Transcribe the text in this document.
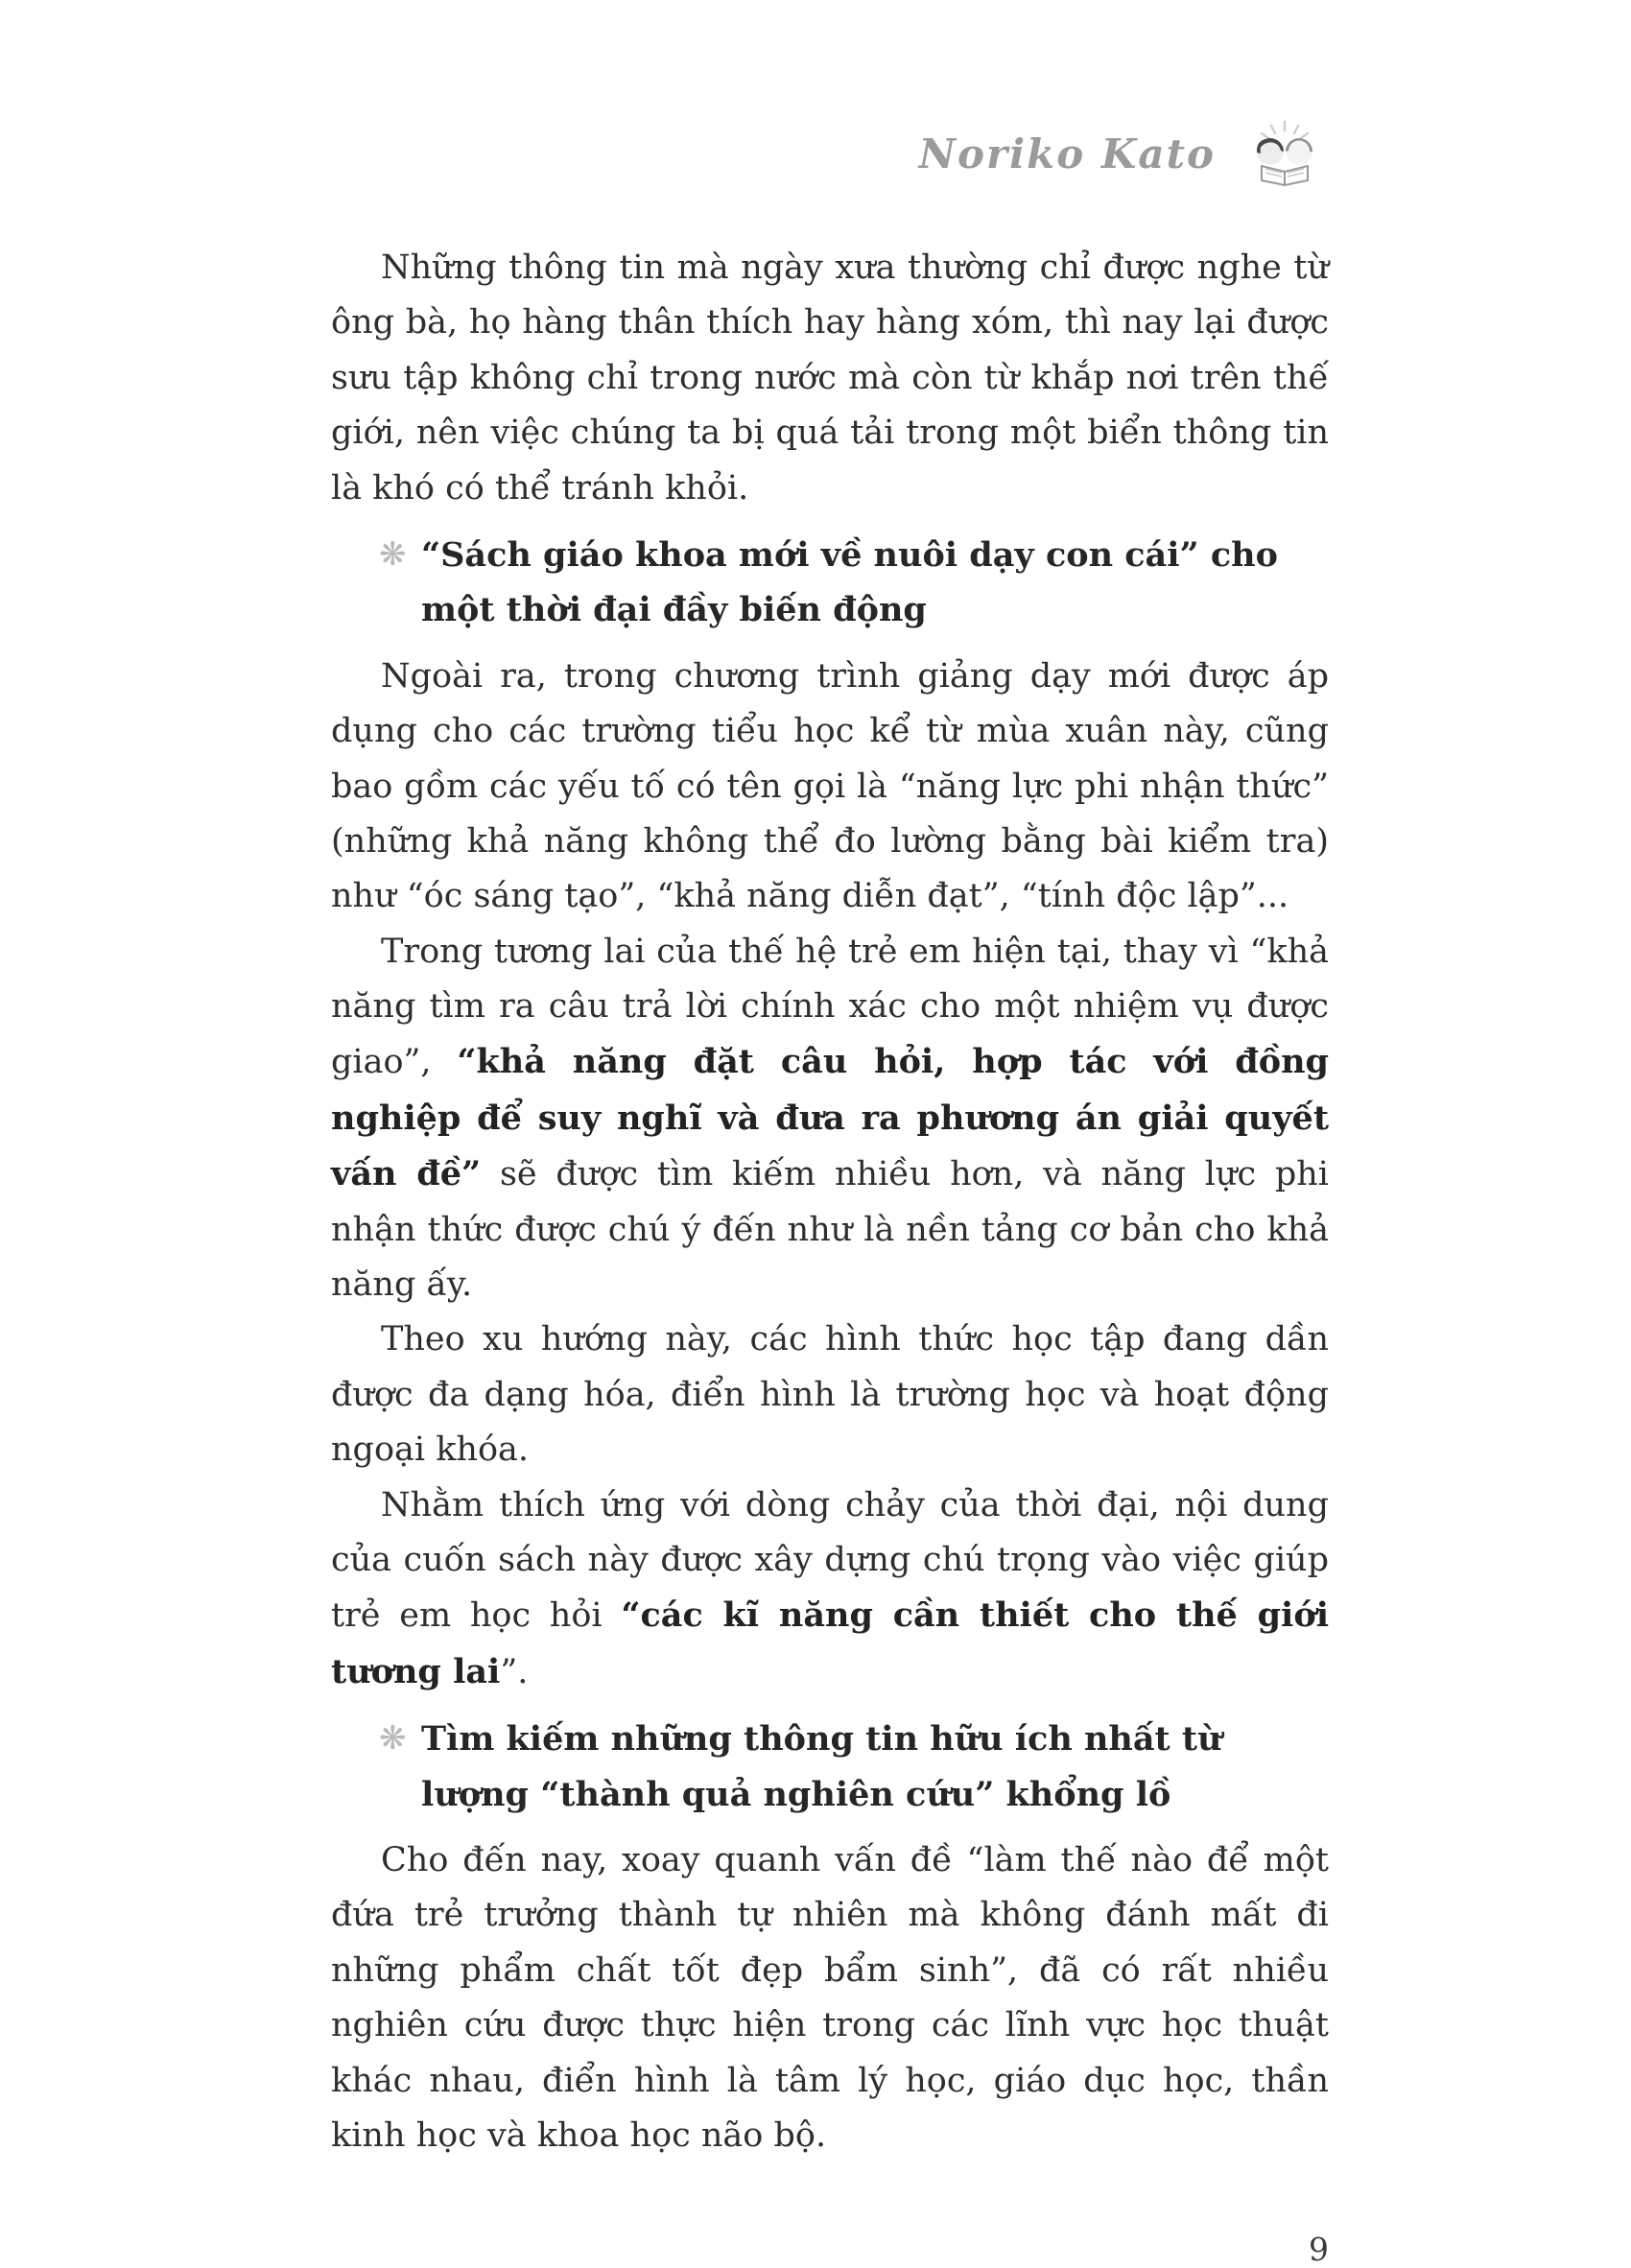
Noriko Kato

Những thông tin mà ngày xưa thường chỉ được nghe từ ông bà, họ hàng thân thích hay hàng xóm, thì nay lại được sưu tập không chỉ trong nước mà còn từ khắp nơi trên thế giới, nên việc chúng ta bị quá tải trong một biển thông tin là khó có thể tránh khỏi.

❋ “Sách giáo khoa mới về nuôi dạy con cái” cho một thời đại đầy biến động

Ngoài ra, trong chương trình giảng dạy mới được áp dụng cho các trường tiểu học kể từ mùa xuân này, cũng bao gồm các yếu tố có tên gọi là “năng lực phi nhận thức” (những khả năng không thể đo lường bằng bài kiểm tra) như “óc sáng tạo”, “khả năng diễn đạt”, “tính độc lập”...

Trong tương lai của thế hệ trẻ em hiện tại, thay vì “khả năng tìm ra câu trả lời chính xác cho một nhiệm vụ được giao”, “khả năng đặt câu hỏi, hợp tác với đồng nghiệp để suy nghĩ và đưa ra phương án giải quyết vấn đề” sẽ được tìm kiếm nhiều hơn, và năng lực phi nhận thức được chú ý đến như là nền tảng cơ bản cho khả năng ấy.

Theo xu hướng này, các hình thức học tập đang dần được đa dạng hóa, điển hình là trường học và hoạt động ngoại khóa.

Nhằm thích ứng với dòng chảy của thời đại, nội dung của cuốn sách này được xây dựng chú trọng vào việc giúp trẻ em học hỏi “các kĩ năng cần thiết cho thế giới tương lai”.

❋ Tìm kiếm những thông tin hữu ích nhất từ lượng “thành quả nghiên cứu” khổng lồ

Cho đến nay, xoay quanh vấn đề “làm thế nào để một đứa trẻ trưởng thành tự nhiên mà không đánh mất đi những phẩm chất tốt đẹp bẩm sinh”, đã có rất nhiều nghiên cứu được thực hiện trong các lĩnh vực học thuật khác nhau, điển hình là tâm lý học, giáo dục học, thần kinh học và khoa học não bộ.

9
